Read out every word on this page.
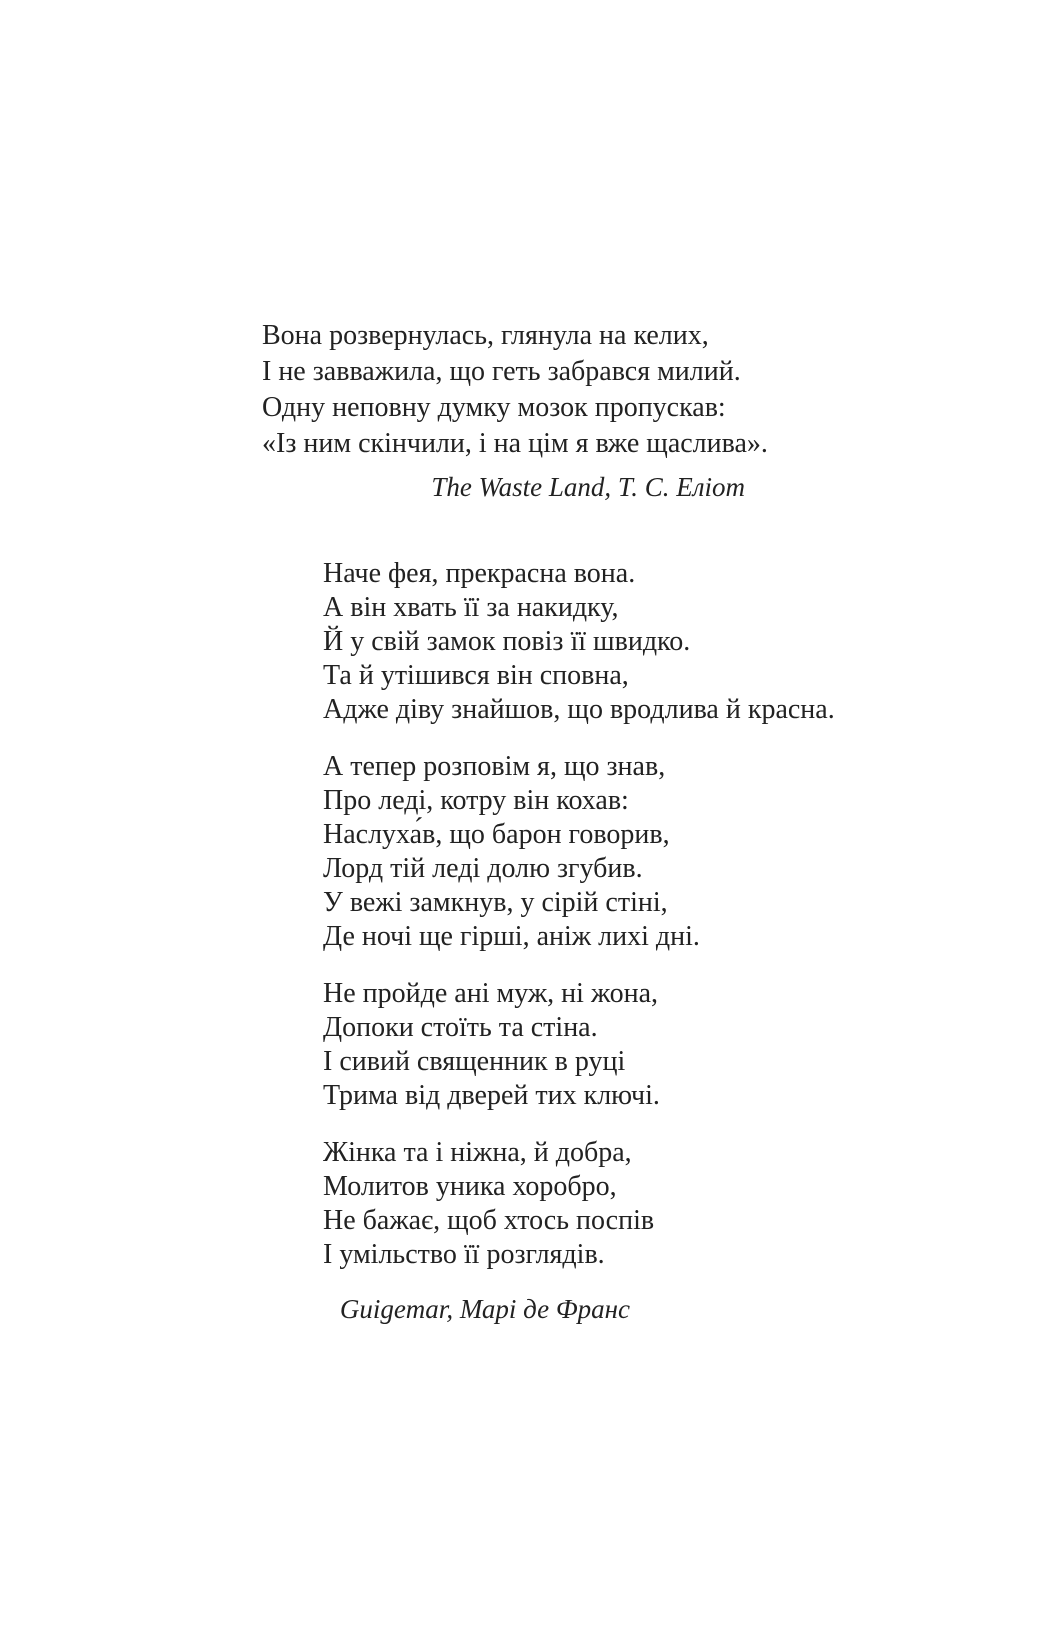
Вона розвернулась, глянула на келих,
І не завважила, що геть забрався милий.
Одну неповну думку мозок пропускав:
«Із ним скінчили, і на цім я вже щаслива».
The Waste Land, Т. С. Еліот
Наче фея, прекрасна вона.
А він хвать її за накидку,
Й у свій замок повіз її швидко.
Та й утішився він сповна,
Адже діву знайшов, що вродлива й красна.
А тепер розповім я, що знав,
Про леді, котру він кохав:
Наслуха́в, що барон говорив,
Лорд тій леді долю згубив.
У вежі замкнув, у сірій стіні,
Де ночі ще гірші, аніж лихі дні.
Не пройде ані муж, ні жона,
Допоки стоїть та стіна.
І сивий священник в руці
Трима від дверей тих ключі.
Жінка та і ніжна, й добра,
Молитов уника хоробро,
Не бажає, щоб хтось поспів
І умільство її розглядів.
Guigemar, Марі де Франс
